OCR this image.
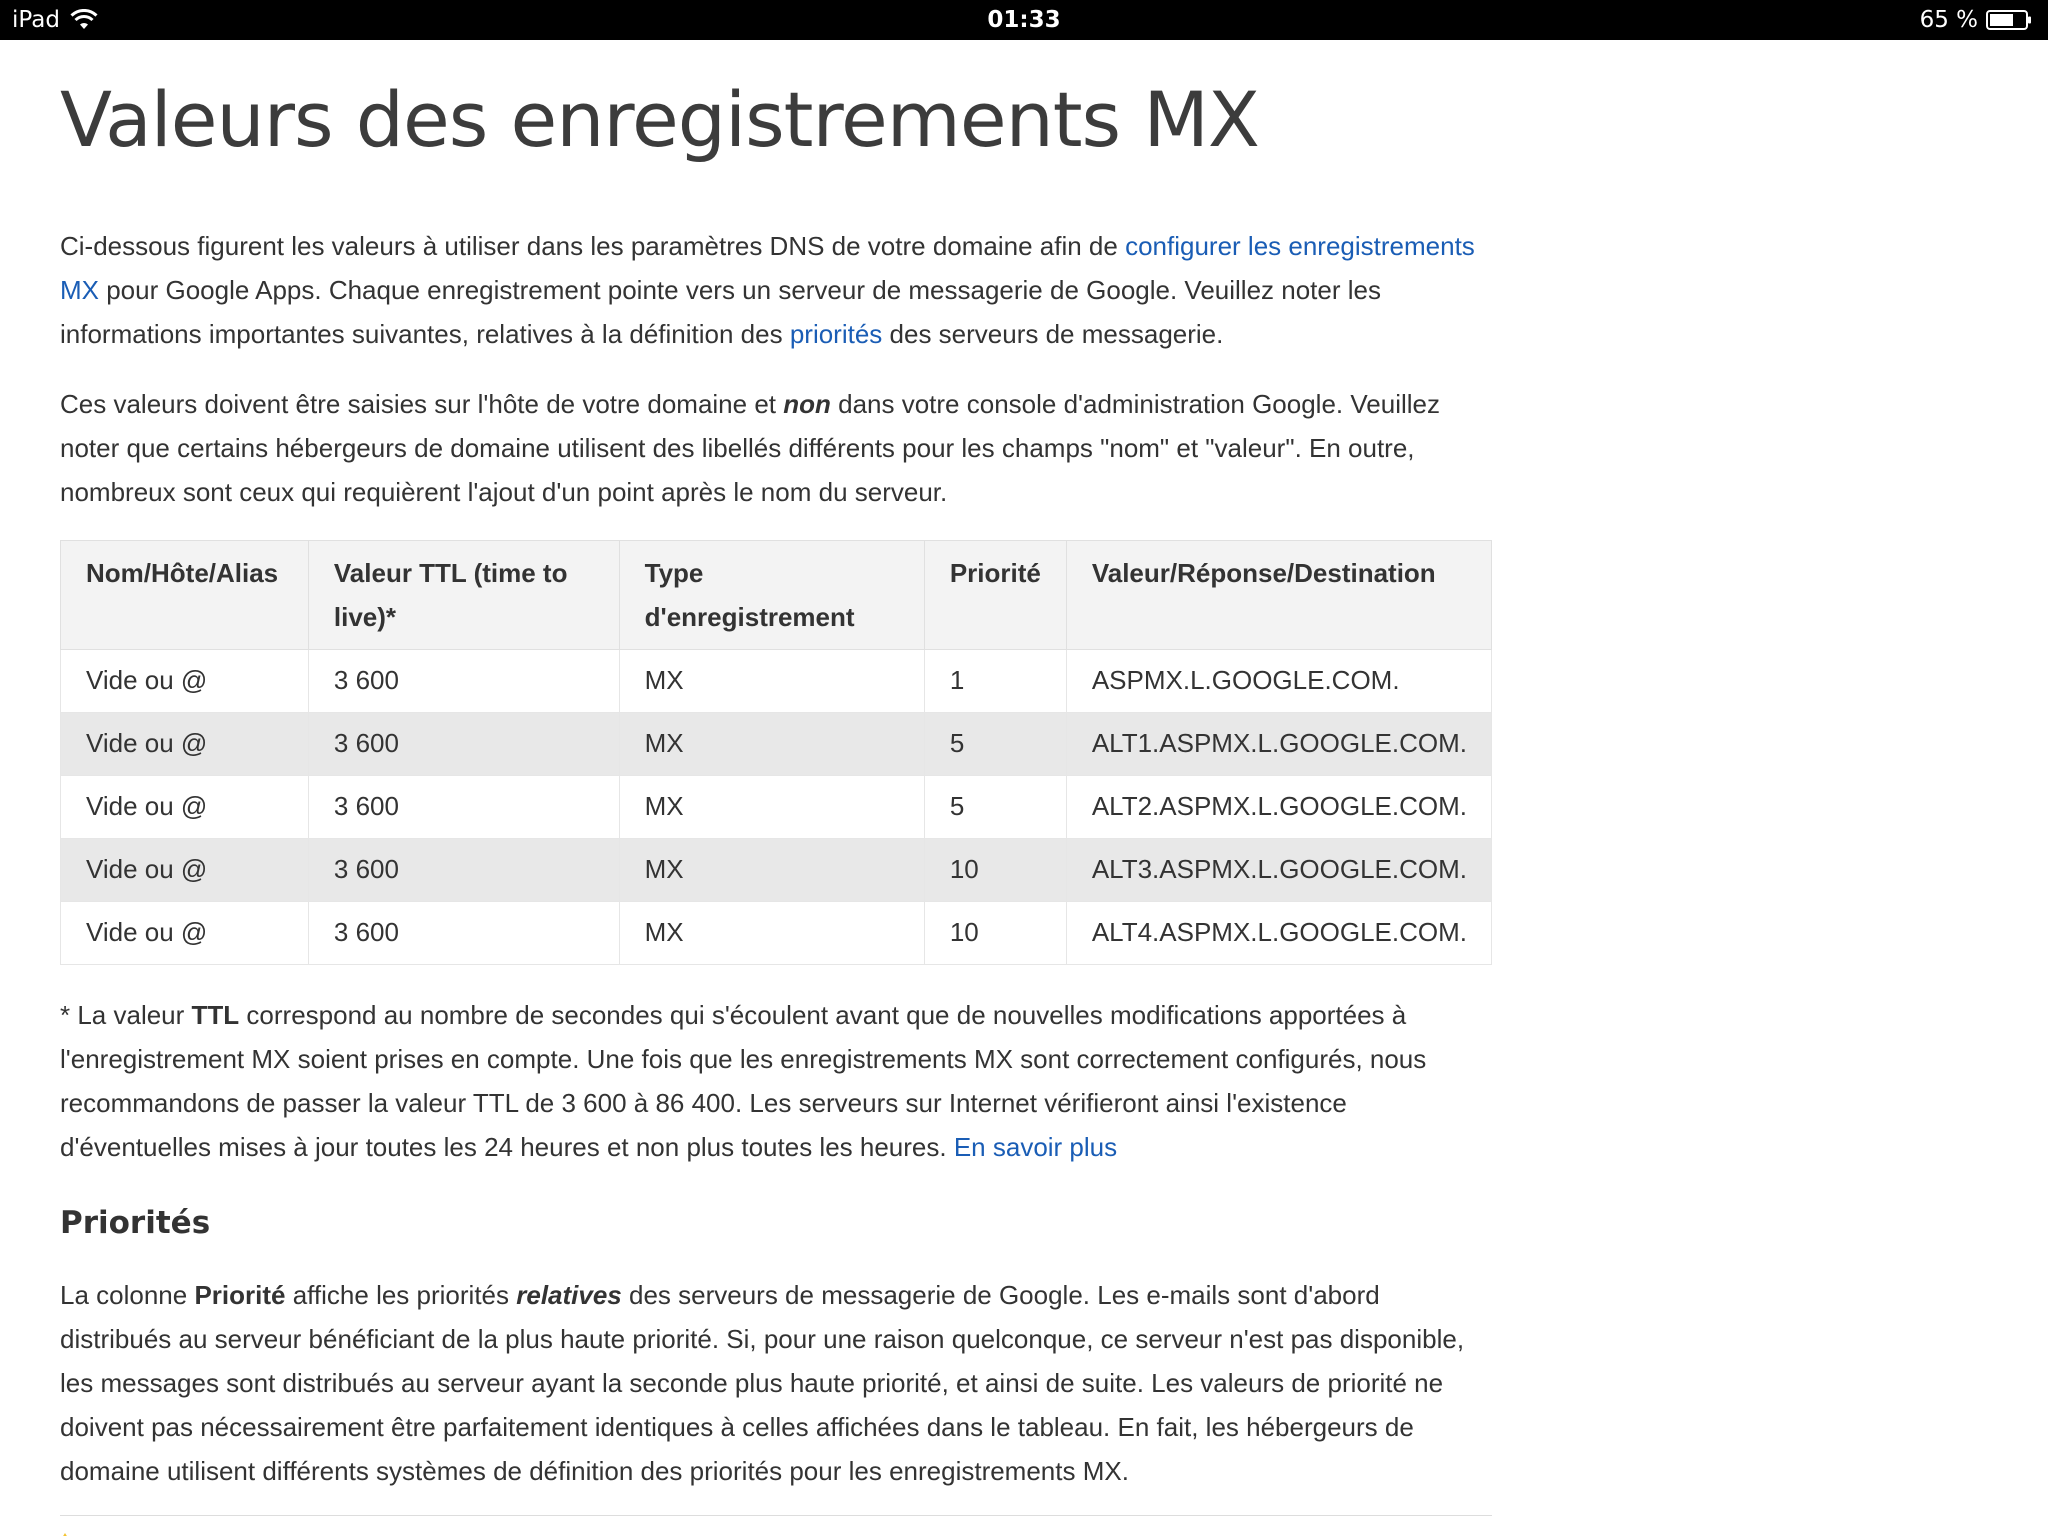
iPad	01:33	65 %
Valeurs des enregistrements MX

Ci-dessous figurent les valeurs à utiliser dans les paramètres DNS de votre domaine afin de configurer les enregistrements MX pour Google Apps. Chaque enregistrement pointe vers un serveur de messagerie de Google. Veuillez noter les informations importantes suivantes, relatives à la définition des priorités des serveurs de messagerie.

Ces valeurs doivent être saisies sur l'hôte de votre domaine et non dans votre console d'administration Google. Veuillez noter que certains hébergeurs de domaine utilisent des libellés différents pour les champs "nom" et "valeur". En outre, nombreux sont ceux qui requièrent l'ajout d'un point après le nom du serveur.

Nom/Hôte/Alias	Valeur TTL (time to live)*	Type d'enregistrement	Priorité	Valeur/Réponse/Destination
Vide ou @	3 600	MX	1	ASPMX.L.GOOGLE.COM.
Vide ou @	3 600	MX	5	ALT1.ASPMX.L.GOOGLE.COM.
Vide ou @	3 600	MX	5	ALT2.ASPMX.L.GOOGLE.COM.
Vide ou @	3 600	MX	10	ALT3.ASPMX.L.GOOGLE.COM.
Vide ou @	3 600	MX	10	ALT4.ASPMX.L.GOOGLE.COM.

* La valeur TTL correspond au nombre de secondes qui s'écoulent avant que de nouvelles modifications apportées à l'enregistrement MX soient prises en compte. Une fois que les enregistrements MX sont correctement configurés, nous recommandons de passer la valeur TTL de 3 600 à 86 400. Les serveurs sur Internet vérifieront ainsi l'existence d'éventuelles mises à jour toutes les 24 heures et non plus toutes les heures. En savoir plus

Priorités

La colonne Priorité affiche les priorités relatives des serveurs de messagerie de Google. Les e-mails sont d'abord distribués au serveur bénéficiant de la plus haute priorité. Si, pour une raison quelconque, ce serveur n'est pas disponible, les messages sont distribués au serveur ayant la seconde plus haute priorité, et ainsi de suite. Les valeurs de priorité ne doivent pas nécessairement être parfaitement identiques à celles affichées dans le tableau. En fait, les hébergeurs de domaine utilisent différents systèmes de définition des priorités pour les enregistrements MX.
